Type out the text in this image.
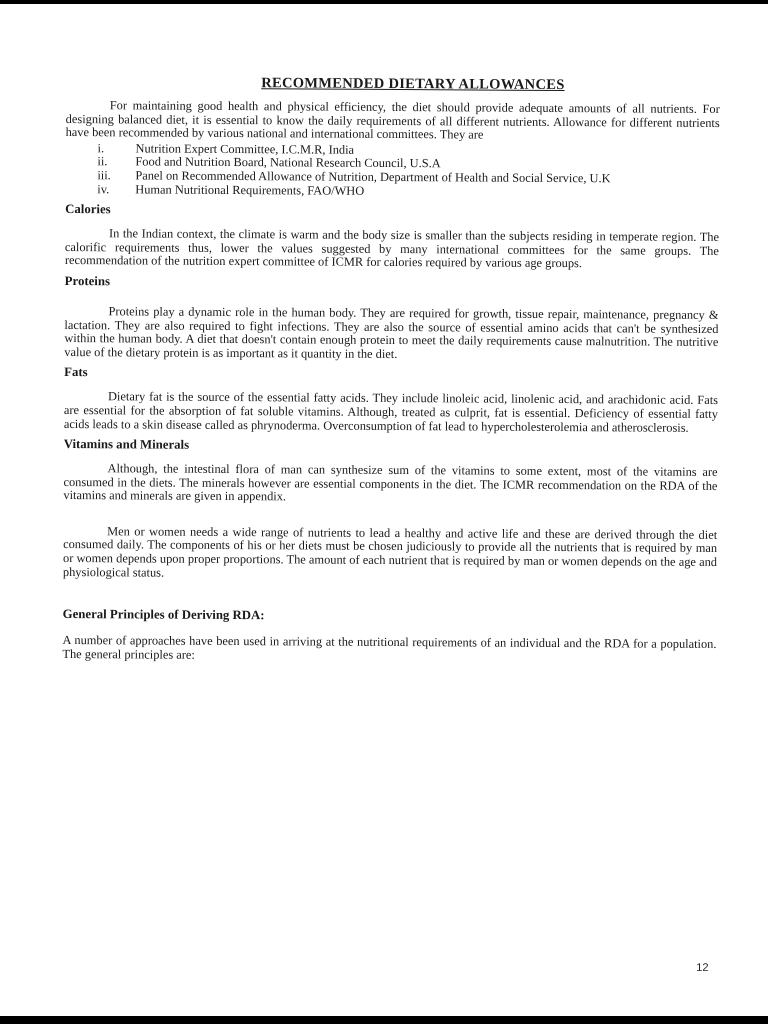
RECOMMENDED DIETARY ALLOWANCES

For maintaining good health and physical efficiency, the diet should provide adequate amounts of all nutrients. For designing balanced diet, it is essential to know the daily requirements of all different nutrients. Allowance for different nutrients have been recommended by various national and international committees. They are

i.	Nutrition Expert Committee, I.C.M.R, India
ii. Food and Nutrition Board, National Research Council, U.S.A
iii. Panel on Recommended Allowance of Nutrition, Department of Health and Social Service, U.K
iv. Human Nutritional Requirements, FAO/WHO
Calories

In the Indian context, the climate is warm and the body size is smaller than the subjects residing in temperate region. The calorific requirements thus, lower the values suggested by many international committees for the same groups. The recommendation of the nutrition expert committee of ICMR for calories required by various age groups.

Proteins

Proteins play a dynamic role in the human body. They are required for growth, tissue repair, maintenance, pregnancy & lactation. They are also required to fight infections. They are also the source of essential amino acids that can't be synthesized within the human body. A diet that doesn't contain enough protein to meet the daily requirements cause malnutrition. The nutritive value of the dietary protein is as important as it quantity in the diet.

Fats

Dietary fat is the source of the essential fatty acids. They include linoleic acid, linolenic acid, and arachidonic acid. Fats are essential for the absorption of fat soluble vitamins. Although, treated as culprit, fat is essential. Deficiency of essential fatty acids leads to a skin disease called as phrynoderma. Overconsumption of fat lead to hypercholesterolemia and atherosclerosis.

Vitamins and Minerals

Although, the intestinal flora of man can synthesize sum of the vitamins to some extent, most of the vitamins are consumed in the diets. The minerals however are essential components in the diet. The ICMR recommendation on the RDA of the vitamins and minerals are given in appendix.

Men or women needs a wide range of nutrients to lead a healthy and active life and these are derived through the diet consumed daily. The components of his or her diets must be chosen judiciously to provide all the nutrients that is required by man or women depends upon proper proportions. The amount of each nutrient that is required by man or women depends on the age and physiological status.

General Principles of Deriving RDA:

A number of approaches have been used in arriving at the nutritional requirements of an individual and the RDA for a population. The general principles are:

12
